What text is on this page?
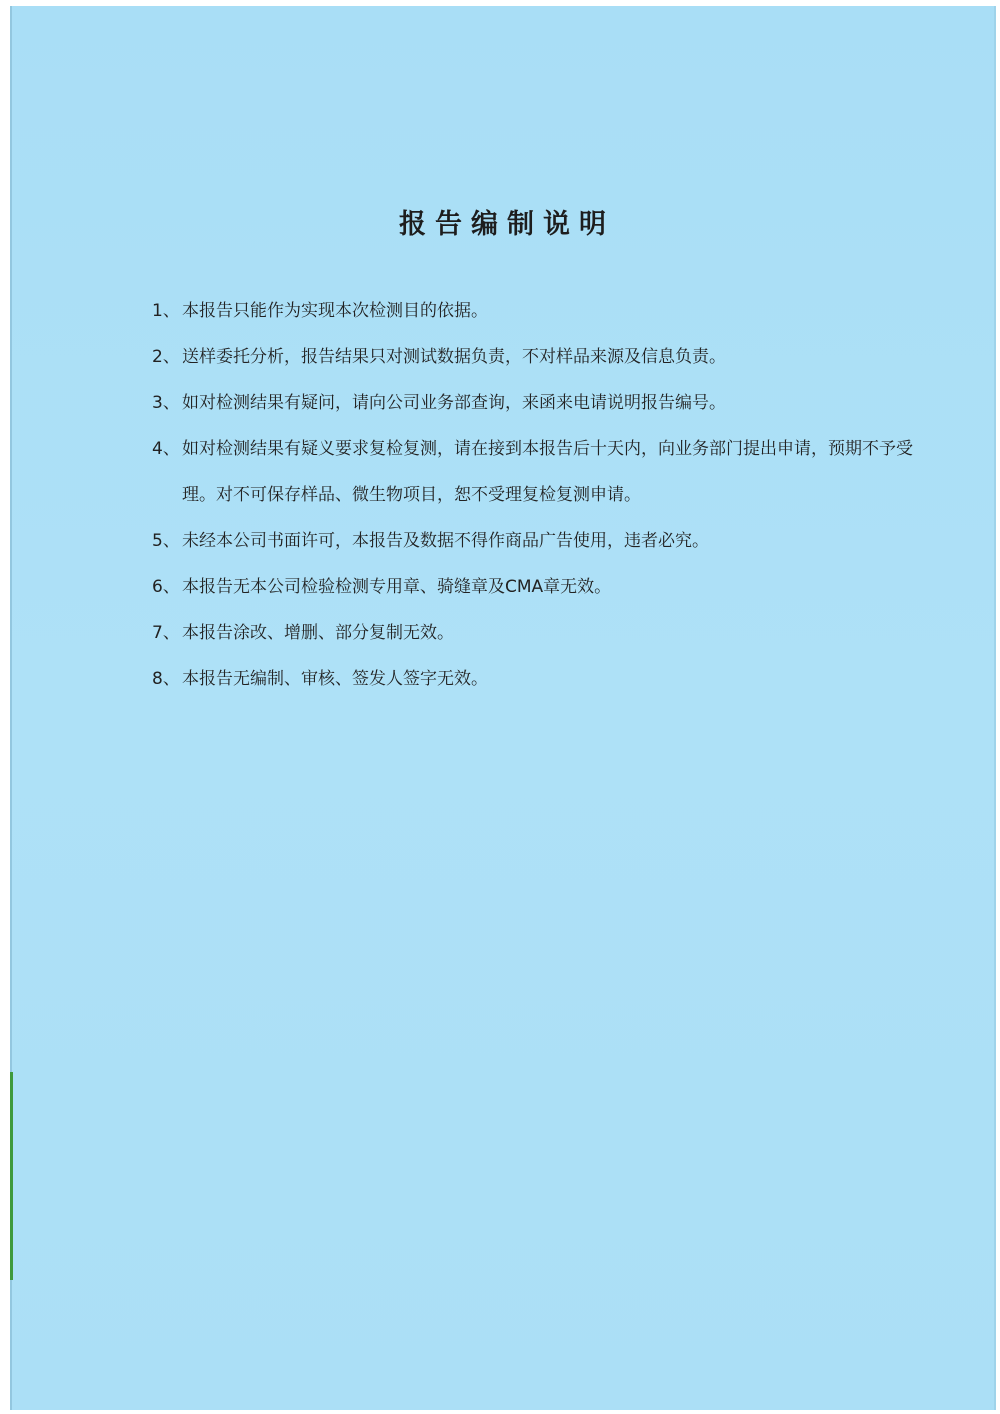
报告编制说明
1、 本报告只能作为实现本次检测目的依据。
2、 送样委托分析，报告结果只对测试数据负责，不对样品来源及信息负责。
3、 如对检测结果有疑问，请向公司业务部查询，来函来电请说明报告编号。
4、 如对检测结果有疑义要求复检复测，请在接到本报告后十天内，向业务部门提出申请，预期不予受理。对不可保存样品、微生物项目，恕不受理复检复测申请。
5、 未经本公司书面许可，本报告及数据不得作商品广告使用，违者必究。
6、 本报告无本公司检验检测专用章、骑缝章及CMA章无效。
7、 本报告涂改、增删、部分复制无效。
8、 本报告无编制、审核、签发人签字无效。
